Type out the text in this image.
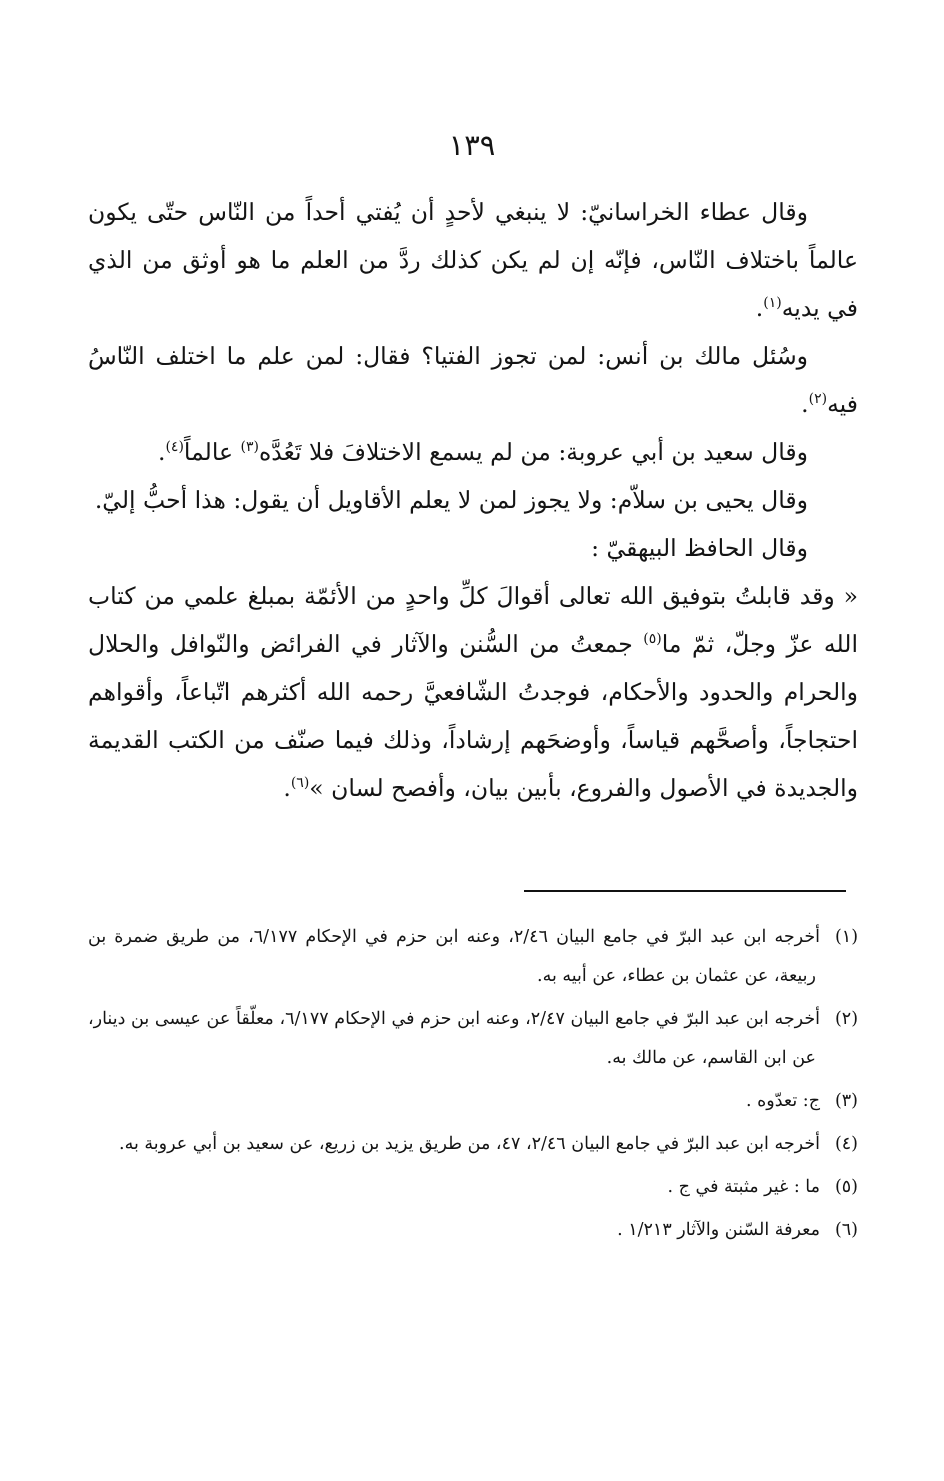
١٣٩

وقال عطاء الخراسانيّ: لا ينبغي لأحدٍ أن يُفتي أحداً من النّاس حتّى يكون عالماً باختلاف النّاس، فإنّه إن لم يكن كذلك ردَّ من العلم ما هو أوثق من الذي في يديه$^{(١)}$.

وسُئل مالك بن أنس: لمن تجوز الفتيا؟ فقال: لمن علم ما اختلف النّاسُ فيه$^{(٢)}$.

وقال سعيد بن أبي عروبة: من لم يسمع الاختلافَ فلا تَعُدَّه$^{(٣)}$ عالماً$^{(٤)}$.

وقال يحيى بن سلاّم: ولا يجوز لمن لا يعلم الأقاويل أن يقول: هذا أحبُّ إليّ.

وقال الحافظ البيهقيّ :

« وقد قابلتُ بتوفيق الله تعالى أقوالَ كلِّ واحدٍ من الأئمّة بمبلغ علمي من كتاب الله عزّ وجلّ، ثمّ ما$^{(٥)}$ جمعتُ من السُّنن والآثار في الفرائض والنّوافل والحلال والحرام والحدود والأحكام، فوجدتُ الشّافعيَّ رحمه الله أكثرهم اتّباعاً، وأقواهم احتجاجاً، وأصحَّهم قياساً، وأوضحَهم إرشاداً، وذلك فيما صنّف من الكتب القديمة والجديدة في الأصول والفروع، بأبين بيان، وأفصح لسان »$^{(٦)}$.

(١)أخرجه ابن عبد البرّ في جامع البيان ٢/٤٦، وعنه ابن حزم في الإحكام ٦/١٧٧، من طريق ضمرة بن ربيعة، عن عثمان بن عطاء، عن أبيه به.

(٢)أخرجه ابن عبد البرّ في جامع البيان ٢/٤٧، وعنه ابن حزم في الإحكام ٦/١٧٧، معلّقاً عن عيسى بن دينار، عن ابن القاسم، عن مالك به.

(٣)ج: تعدّوه .

(٤)أخرجه ابن عبد البرّ في جامع البيان ٢/٤٦، ٤٧، من طريق يزيد بن زريع، عن سعيد بن أبي عروبة به.

(٥)ما : غير مثبتة في ج .

(٦)معرفة السّنن والآثار ١/٢١٣ .
